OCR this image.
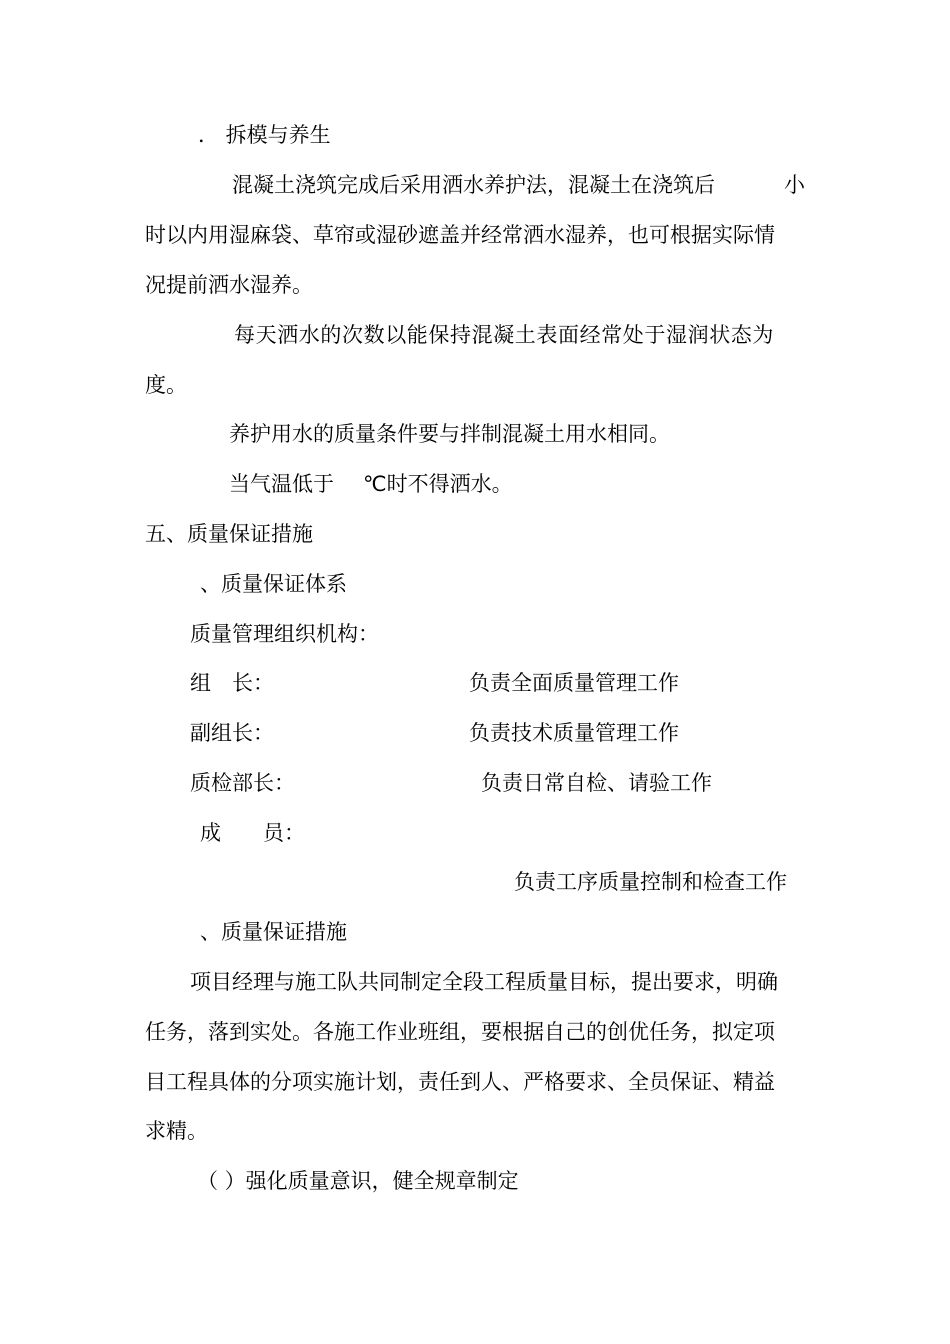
． 拆模与养生
混凝土浇筑完成后采用洒水养护法，混凝土在浇筑后	小
时以内用湿麻袋、草帘或湿砂遮盖并经常洒水湿养，也可根据实际情
况提前洒水湿养。
每天洒水的次数以能保持混凝土表面经常处于湿润状态为
度。
养护用水的质量条件要与拌制混凝土用水相同。
当气温低于 ℃时不得洒水。
五、质量保证措施
、质量保证体系
质量管理组织机构：
组　长：	负责全面质量管理工作
副组长：	负责技术质量管理工作
质检部长：	负责日常自检、请验工作
成　　员：
负责工序质量控制和检查工作
、质量保证措施
项目经理与施工队共同制定全段工程质量目标，提出要求，明确
任务，落到实处。各施工作业班组，要根据自己的创优任务，拟定项
目工程具体的分项实施计划，责任到人、严格要求、全员保证、精益
求精。
（ ）强化质量意识，健全规章制定
